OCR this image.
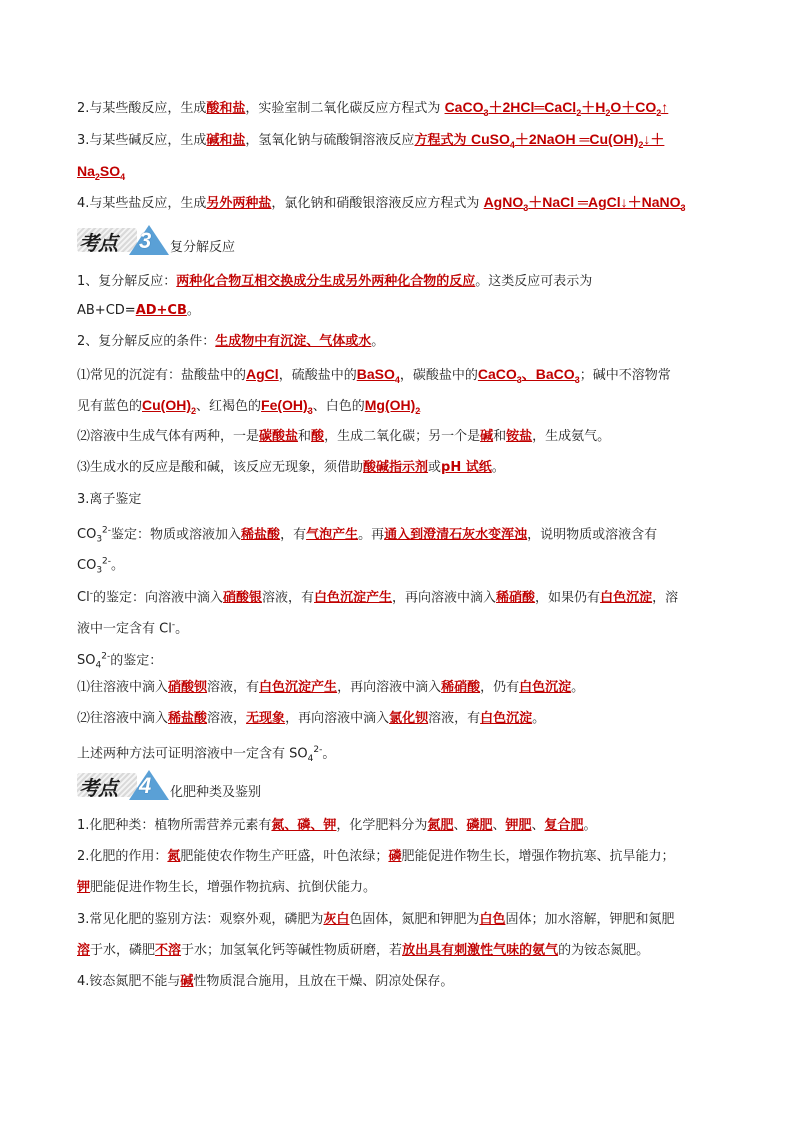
2.与某些酸反应，生成酸和盐，实验室制二氧化碳反应方程式为 $CaCO_3+2HCl═CaCl_2+H_2O+CO_2↑$
3.与某些碱反应，生成碱和盐，氢氧化钠与硫酸铜溶液反应方程式为 CuSO$_4$＋2NaOH $═Cu(OH)_2↓+$
$Na_2SO_4$
4.与某些盐反应，生成另外两种盐，氯化钠和硝酸银溶液反应方程式为 AgNO$_3$＋NaCl ═AgCl↓＋NaNO$_3$
考点 3 复分解反应
1、复分解反应：两种化合物互相交换成分生成另外两种化合物的反应。这类反应可表示为
AB+CD=AD+CB。
2、复分解反应的条件：生成物中有沉淀、气体或水。
⑴常见的沉淀有：盐酸盐中的AgCl，硫酸盐中的BaSO$_4$，碳酸盐中的CaCO$_3$、BaCO$_3$；碱中不溶物常
见有蓝色的$Cu(OH)_2$、红褐色的$Fe(OH)_3$、白色的$Mg(OH)_2$
⑵溶液中生成气体有两种，一是碳酸盐和酸，生成二氧化碳；另一个是碱和铵盐，生成氨气。
⑶生成水的反应是酸和碱，该反应无现象，须借助酸碱指示剂或pH 试纸。
3.离子鉴定
$CO_3^{2-}$鉴定：物质或溶液加入稀盐酸，有气泡产生。再通入到澄清石灰水变浑浊，说明物质或溶液含有
$CO_3^{2-}$。
Cl-的鉴定：向溶液中滴入硝酸银溶液，有白色沉淀产生，再向溶液中滴入稀硝酸，如果仍有白色沉淀，溶
液中一定含有 Cl-。
$SO_4^{2-}$的鉴定：
⑴往溶液中滴入硝酸钡溶液，有白色沉淀产生，再向溶液中滴入稀硝酸，仍有白色沉淀。
⑵往溶液中滴入稀盐酸溶液，无现象，再向溶液中滴入氯化钡溶液，有白色沉淀。
上述两种方法可证明溶液中一定含有 $SO_4^{2-}$。
考点 4 化肥种类及鉴别
1.化肥种类：植物所需营养元素有氮、磷、钾，化学肥料分为氮肥、磷肥、钾肥、复合肥。
2.化肥的作用：氮肥能使农作物生产旺盛，叶色浓绿；磷肥能促进作物生长，增强作物抗寒、抗旱能力；
钾肥能促进作物生长，增强作物抗病、抗倒伏能力。
3.常见化肥的鉴别方法：观察外观，磷肥为灰白色固体，氮肥和钾肥为白色固体；加水溶解，钾肥和氮肥
溶于水，磷肥不溶于水；加氢氧化钙等碱性物质研磨，若放出具有刺激性气味的氨气的为铵态氮肥。
4.铵态氮肥不能与碱性物质混合施用，且放在干燥、阴凉处保存。
